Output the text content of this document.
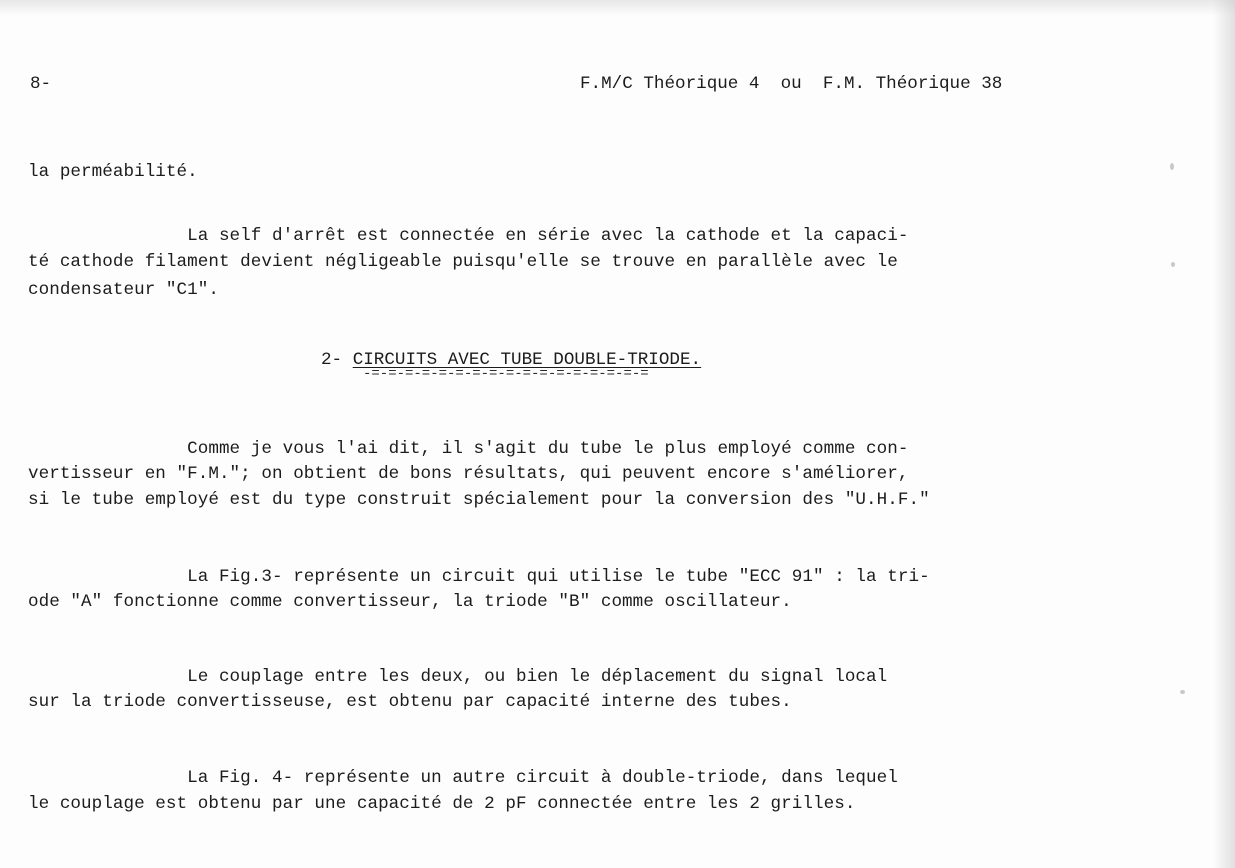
8-	F.M/C Théorique 4  ou  F.M. Théorique 38
la perméabilité.
La self d'arrêt est connectée en série avec la cathode et la capaci-
té cathode filament devient négligeable puisqu'elle se trouve en parallèle avec le
condensateur "C1".
2- CIRCUITS AVEC TUBE DOUBLE-TRIODE.
-=-=-=-=-=-=-=-=-=-=-=-=-=-=-=-=-=
Comme je vous l'ai dit, il s'agit du tube le plus employé comme con-
vertisseur en "F.M."; on obtient de bons résultats, qui peuvent encore s'améliorer,
si le tube employé est du type construit spécialement pour la conversion des "U.H.F."
La Fig.3- représente un circuit qui utilise le tube "ECC 91" : la tri-
ode "A" fonctionne comme convertisseur, la triode "B" comme oscillateur.
Le couplage entre les deux, ou bien le déplacement du signal local
sur la triode convertisseuse, est obtenu par capacité interne des tubes.
La Fig. 4- représente un autre circuit à double-triode, dans lequel
le couplage est obtenu par une capacité de 2 pF connectée entre les 2 grilles.
